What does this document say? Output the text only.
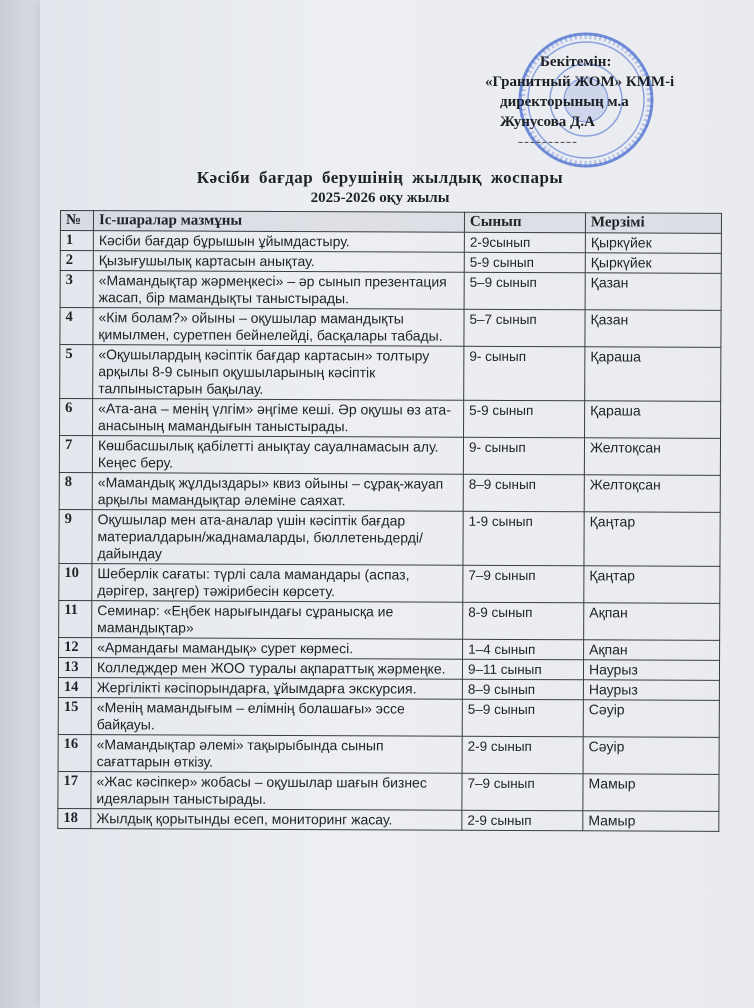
Бекітемін:
«Гранитный ЖОМ» КММ-і
директорының м.а
Жунусова Д.А
----------
Кәсіби бағдар берушінің жылдық жоспары
2025-2026 оқу жылы
№	Іс-шаралар мазмұны	Сынып	Мерзімі
1	Кәсіби бағдар бұрышын ұйымдастыру.	2-9сынып	Қыркүйек
2	Қызығушылық картасын анықтау.	5-9 сынып	Қыркүйек
3	«Мамандықтар жәрмеңкесі» – әр сынып презентация жасап, бір мамандықты таныстырады.	5–9 сынып	Қазан
4	«Кім болам?» ойыны – оқушылар мамандықты қимылмен, суретпен бейнелейді, басқалары табады.	5–7 сынып	Қазан
5	«Оқушылардың кәсіптік бағдар картасын» толтыру арқылы 8-9 сынып оқушыларының кәсіптік талпыныстарын бақылау.	9- сынып	Қараша
6	«Ата-ана – менің үлгім» әңгіме кеші. Әр оқушы өз ата-анасының мамандығын таныстырады.	5-9 сынып	Қараша
7	Көшбасшылық қабілетті анықтау сауалнамасын алу. Кеңес беру.	9- сынып	Желтоқсан
8	«Мамандық жұлдыздары» квиз ойыны – сұрақ-жауап арқылы мамандықтар әлеміне саяхат.	8–9 сынып	Желтоқсан
9	Оқушылар мен ата-аналар үшін кәсіптік бағдар материалдарын/жаднамаларды, бюллетеньдерді/ дайындау	1-9 сынып	Қаңтар
10	Шеберлік сағаты: түрлі сала мамандары (аспаз, дәрігер, заңгер) тәжірибесін көрсету.	7–9 сынып	Қаңтар
11	Семинар: «Еңбек нарығындағы сұранысқа ие мамандықтар»	8-9 сынып	Ақпан
12	«Армандағы мамандық» сурет көрмесі.	1–4 сынып	Ақпан
13	Колледждер мен ЖОО туралы ақпараттық жәрмеңке.	9–11 сынып	Наурыз
14	Жергілікті кәсіпорындарға, ұйымдарға экскурсия.	8–9 сынып	Наурыз
15	«Менің мамандығым – елімнің болашағы» эссе байқауы.	5–9 сынып	Сәуір
16	«Мамандықтар әлемі» тақырыбында сынып сағаттарын өткізу.	2-9 сынып	Сәуір
17	«Жас кәсіпкер» жобасы – оқушылар шағын бизнес идеяларын таныстырады.	7–9 сынып	Мамыр
18	Жылдық қорытынды есеп, мониторинг жасау.	2-9 сынып	Мамыр
